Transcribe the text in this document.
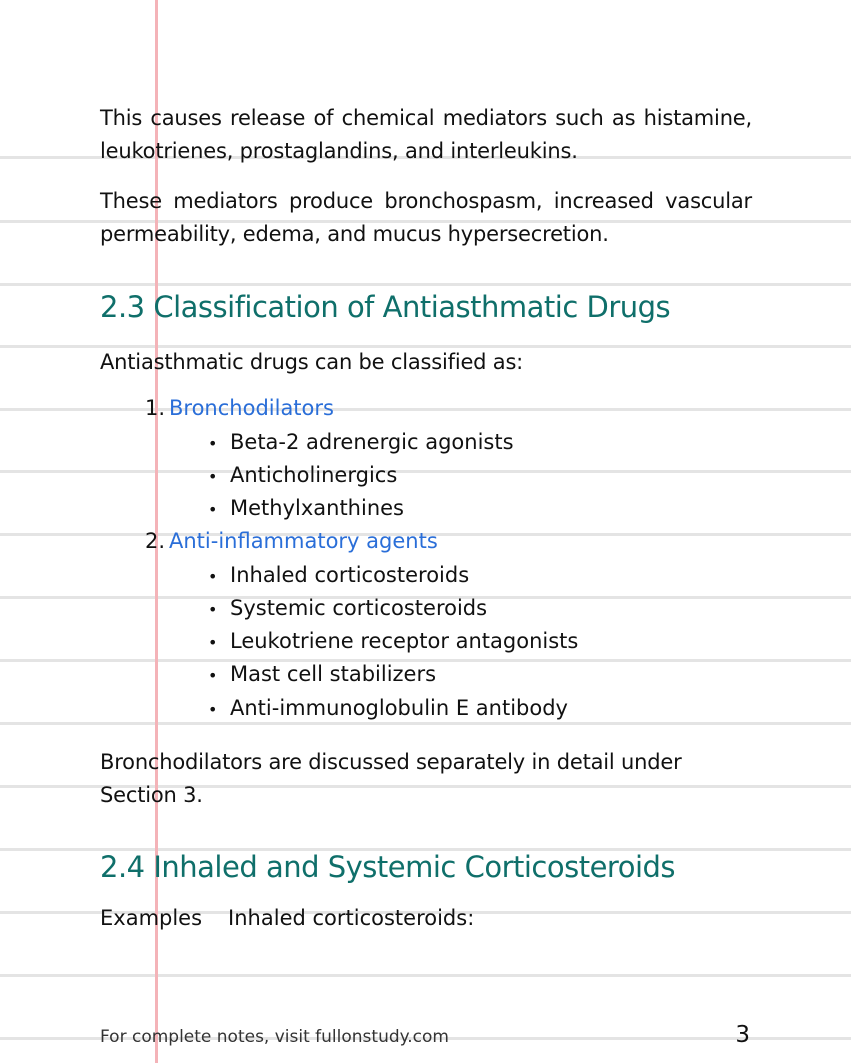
This causes release of chemical mediators such as histamine, leukotrienes, prostaglandins, and interleukins.
These mediators produce bronchospasm, increased vascular permeability, edema, and mucus hypersecretion.
2.3 Classification of Antiasthmatic Drugs
Antiasthmatic drugs can be classified as:
1. Bronchodilators
• Beta-2 adrenergic agonists
• Anticholinergics
• Methylxanthines
2. Anti-inflammatory agents
• Inhaled corticosteroids
• Systemic corticosteroids
• Leukotriene receptor antagonists
• Mast cell stabilizers
• Anti-immunoglobulin E antibody
Bronchodilators are discussed separately in detail under Section 3.
2.4 Inhaled and Systemic Corticosteroids
Examples Inhaled corticosteroids:
For complete notes, visit fullonstudy.com	3
